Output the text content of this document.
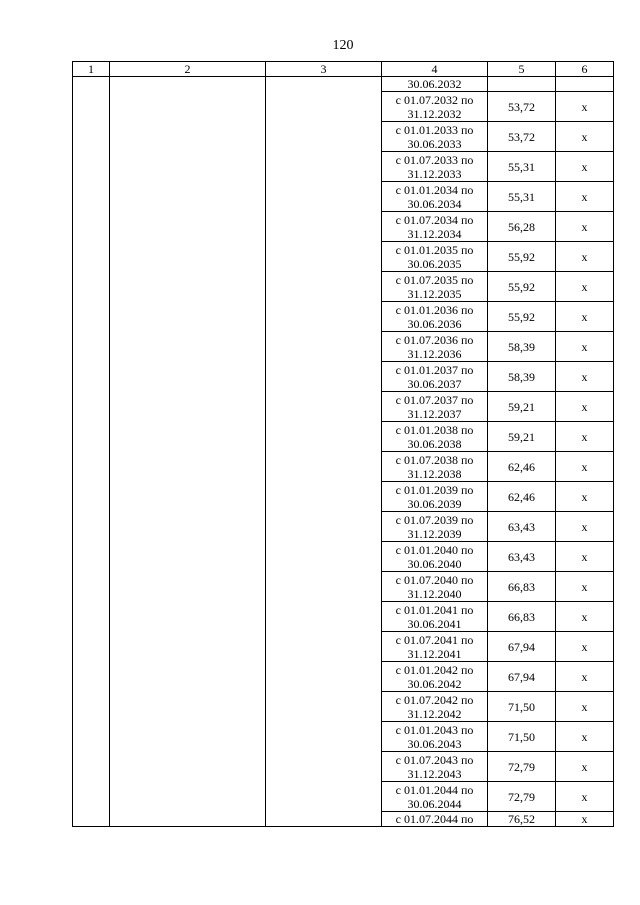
120
1	2	3	4	5	6
			30.06.2032		
			с 01.07.2032 по 31.12.2032	53,72	х
			с 01.01.2033 по 30.06.2033	53,72	х
			с 01.07.2033 по 31.12.2033	55,31	х
			с 01.01.2034 по 30.06.2034	55,31	х
			с 01.07.2034 по 31.12.2034	56,28	х
			с 01.01.2035 по 30.06.2035	55,92	х
			с 01.07.2035 по 31.12.2035	55,92	х
			с 01.01.2036 по 30.06.2036	55,92	х
			с 01.07.2036 по 31.12.2036	58,39	х
			с 01.01.2037 по 30.06.2037	58,39	х
			с 01.07.2037 по 31.12.2037	59,21	х
			с 01.01.2038 по 30.06.2038	59,21	х
			с 01.07.2038 по 31.12.2038	62,46	х
			с 01.01.2039 по 30.06.2039	62,46	х
			с 01.07.2039 по 31.12.2039	63,43	х
			с 01.01.2040 по 30.06.2040	63,43	х
			с 01.07.2040 по 31.12.2040	66,83	х
			с 01.01.2041 по 30.06.2041	66,83	х
			с 01.07.2041 по 31.12.2041	67,94	х
			с 01.01.2042 по 30.06.2042	67,94	х
			с 01.07.2042 по 31.12.2042	71,50	х
			с 01.01.2043 по 30.06.2043	71,50	х
			с 01.07.2043 по 31.12.2043	72,79	х
			с 01.01.2044 по 30.06.2044	72,79	х
			с 01.07.2044 по	76,52	х
